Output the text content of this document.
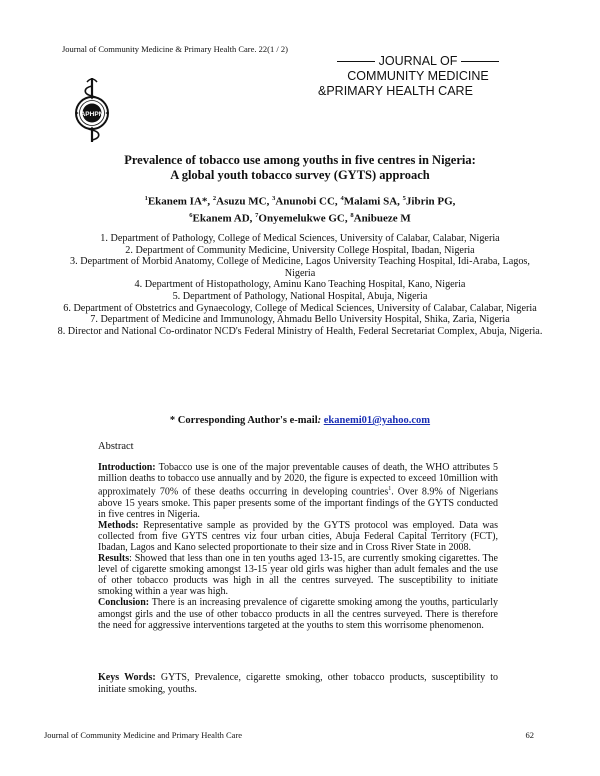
Journal of Community Medicine & Primary Health Care. 22(1 / 2)
APHPN
JOURNAL OF
COMMUNITY MEDICINE
&PRIMARY HEALTH CARE
Prevalence of tobacco use among youths in five centres in Nigeria:
A global youth tobacco survey (GYTS) approach
$^1$Ekanem IA*, $^2$Asuzu MC, $^3$Anunobi CC, $^4$Malami SA, $^5$Jibrin PG,
$^6$Ekanem AD, $^7$Onyemelukwe GC, $^8$Anibueze M
1. Department of Pathology, College of Medical Sciences, University of Calabar, Calabar, Nigeria
2. Department of Community Medicine, University College Hospital, Ibadan, Nigeria
3. Department of Morbid Anatomy, College of Medicine, Lagos University Teaching Hospital, Idi-Araba, Lagos, Nigeria
4. Department of Histopathology, Aminu Kano Teaching Hospital, Kano, Nigeria
5. Department of Pathology, National Hospital, Abuja, Nigeria
6. Department of Obstetrics and Gynaecology, College of Medical Sciences, University of Calabar, Calabar, Nigeria
7. Department of Medicine and Immunology, Ahmadu Bello University Hospital, Shika, Zaria, Nigeria
8. Director and National Co-ordinator NCD's Federal Ministry of Health, Federal Secretariat Complex, Abuja, Nigeria.
* Corresponding Author's e-mail: ekanemi01@yahoo.com
Abstract

Introduction: Tobacco use is one of the major preventable causes of death, the WHO attributes 5 million deaths to tobacco use annually and by 2020, the figure is expected to exceed 10million with approximately 70% of these deaths occurring in developing countries$^1$. Over 8.9% of Nigerians above 15 years smoke. This paper presents some of the important findings of the GYTS conducted in five centres in Nigeria.

Methods: Representative sample as provided by the GYTS protocol was employed. Data was collected from five GYTS centres viz four urban cities, Abuja Federal Capital Territory (FCT), Ibadan, Lagos and Kano selected proportionate to their size and in Cross River State in 2008.

Results: Showed that less than one in ten youths aged 13-15, are currently smoking cigarettes. The level of cigarette smoking amongst 13-15 year old girls was higher than adult females and the use of other tobacco products was high in all the centres surveyed. The susceptibility to initiate smoking within a year was high.

Conclusion: There is an increasing prevalence of cigarette smoking among the youths, particularly amongst girls and the use of other tobacco products in all the centres surveyed. There is therefore the need for aggressive interventions targeted at the youths to stem this worrisome phenomenon.

Keys Words: GYTS, Prevalence, cigarette smoking, other tobacco products, susceptibility to initiate smoking, youths.
Journal of Community Medicine and Primary Health Care	62
